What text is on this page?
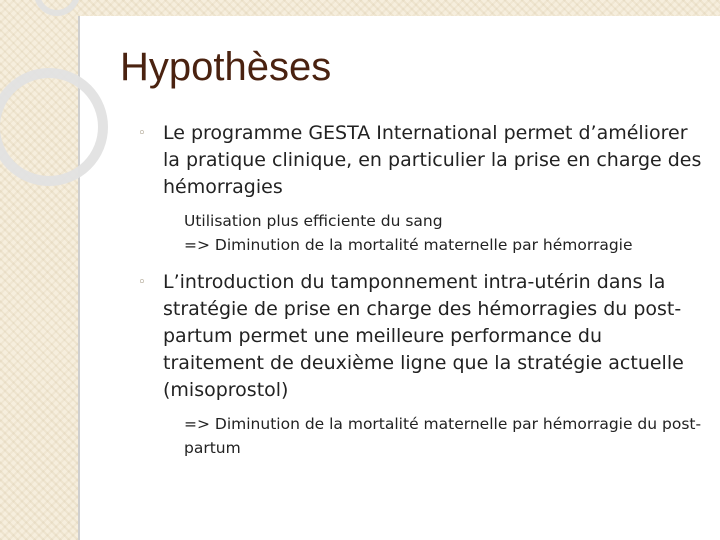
Hypothèses
◦ Le programme GESTA International permet d’améliorer la pratique clinique, en particulier la prise en charge des hémorragies
Utilisation plus efficiente du sang
=> Diminution de la mortalité maternelle par hémorragie
◦ L’introduction du tamponnement intra-utérin dans la stratégie de prise en charge des hémorragies du post-partum permet une meilleure performance du traitement de deuxième ligne que la stratégie actuelle (misoprostol)
=> Diminution de la mortalité maternelle par hémorragie du post-partum
